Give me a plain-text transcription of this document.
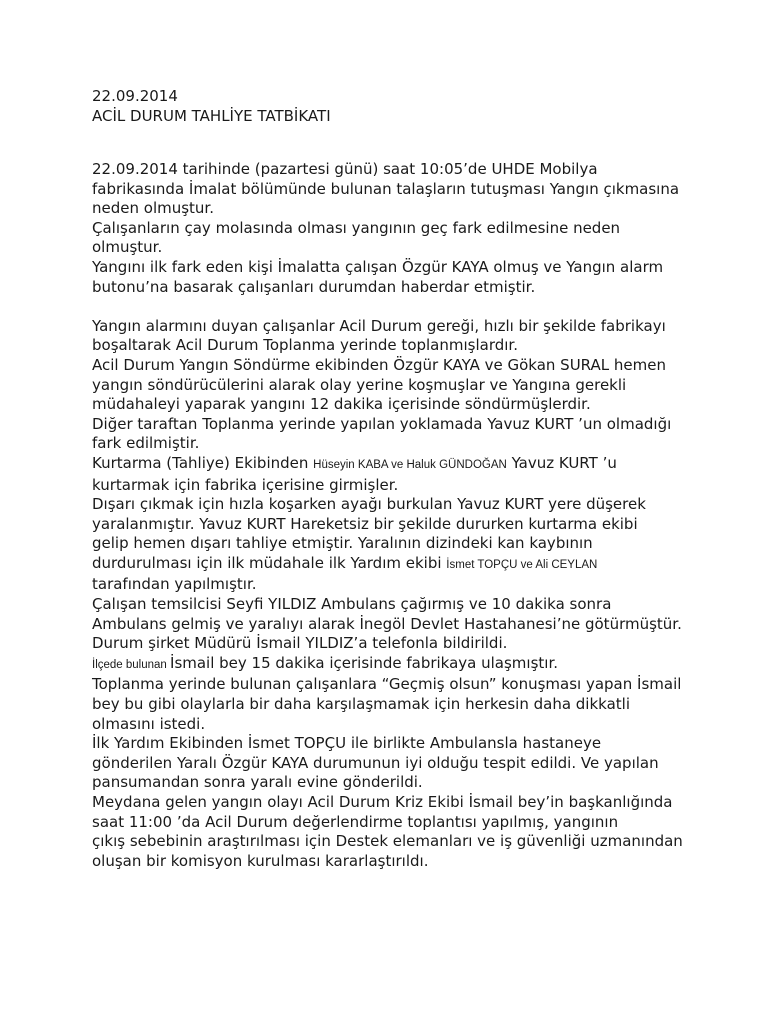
22.09.2014
ACİL DURUM TAHLİYE TATBİKATI
22.09.2014 tarihinde (pazartesi günü) saat 10:05’de UHDE Mobilya
fabrikasında İmalat bölümünde bulunan talaşların tutuşması Yangın çıkmasına
neden olmuştur.
Çalışanların çay molasında olması yangının geç fark edilmesine neden
olmuştur.
Yangını ilk fark eden kişi İmalatta çalışan Özgür KAYA olmuş ve Yangın alarm
butonu’na basarak çalışanları durumdan haberdar etmiştir.
Yangın alarmını duyan çalışanlar Acil Durum gereği, hızlı bir şekilde fabrikayı
boşaltarak Acil Durum Toplanma yerinde toplanmışlardır.
Acil Durum Yangın Söndürme ekibinden Özgür KAYA ve Gökan SURAL hemen
yangın söndürücülerini alarak olay yerine koşmuşlar ve Yangına gerekli
müdahaleyi yaparak yangını 12 dakika içerisinde söndürmüşlerdir.
Diğer taraftan Toplanma yerinde yapılan yoklamada Yavuz KURT ’un olmadığı
fark edilmiştir.
Kurtarma (Tahliye) Ekibinden Hüseyin KABA ve Haluk GÜNDOĞAN Yavuz KURT ’u
kurtarmak için fabrika içerisine girmişler.
Dışarı çıkmak için hızla koşarken ayağı burkulan Yavuz KURT yere düşerek
yaralanmıştır. Yavuz KURT Hareketsiz bir şekilde dururken kurtarma ekibi
gelip hemen dışarı tahliye etmiştir. Yaralının dizindeki kan kaybının
durdurulması için ilk müdahale ilk Yardım ekibi İsmet TOPÇU ve Ali CEYLAN
tarafından yapılmıştır.
Çalışan temsilcisi Seyfi YILDIZ Ambulans çağırmış ve 10 dakika sonra
Ambulans gelmiş ve yaralıyı alarak İnegöl Devlet Hastahanesi’ne götürmüştür.
Durum şirket Müdürü İsmail YILDIZ’a telefonla bildirildi.
İlçede bulunan İsmail bey 15 dakika içerisinde fabrikaya ulaşmıştır.
Toplanma yerinde bulunan çalışanlara “Geçmiş olsun” konuşması yapan İsmail
bey bu gibi olaylarla bir daha karşılaşmamak için herkesin daha dikkatli
olmasını istedi.
İlk Yardım Ekibinden İsmet TOPÇU ile birlikte Ambulansla hastaneye
gönderilen Yaralı Özgür KAYA durumunun iyi olduğu tespit edildi. Ve yapılan
pansumandan sonra yaralı evine gönderildi.
Meydana gelen yangın olayı Acil Durum Kriz Ekibi İsmail bey’in başkanlığında
saat 11:00 ’da Acil Durum değerlendirme toplantısı yapılmış, yangının
çıkış sebebinin araştırılması için Destek elemanları ve iş güvenliği uzmanından
oluşan bir komisyon kurulması kararlaştırıldı.
